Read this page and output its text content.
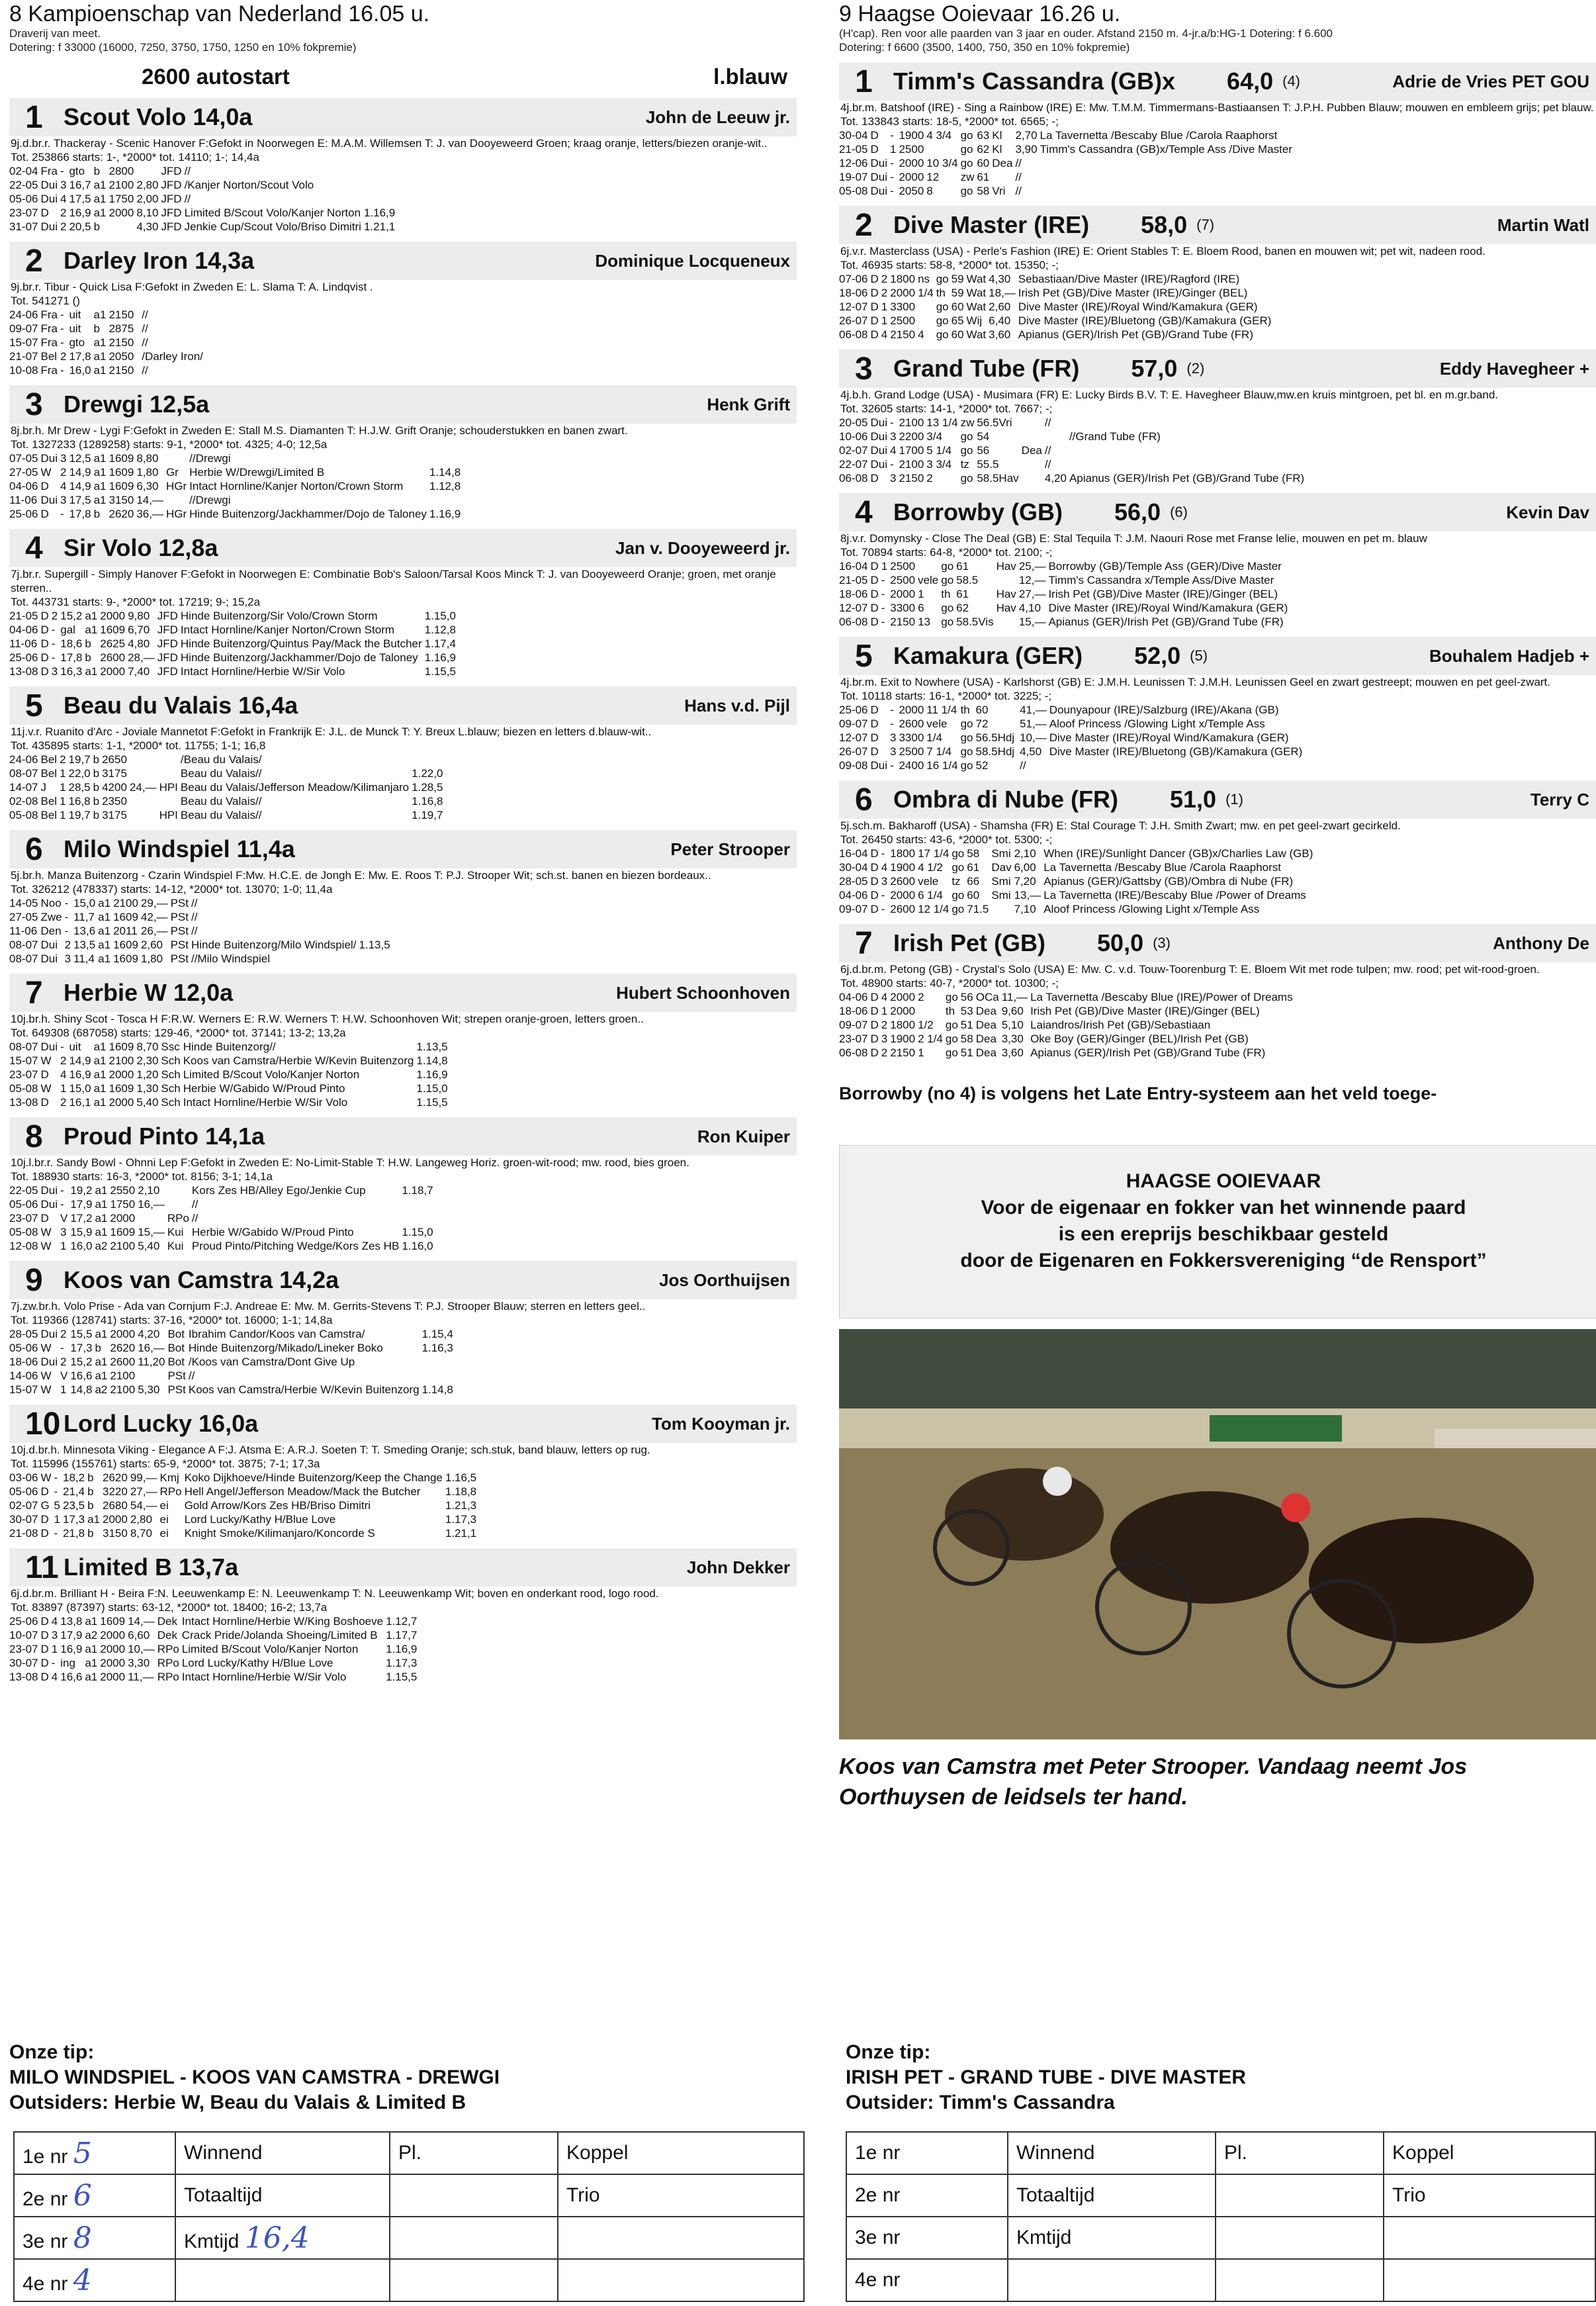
8 Kampioenschap van Nederland 16.05 u.
Draverij van meet.
Dotering: f 33000 (16000, 7250, 3750, 1750, 1250 en 10% fokpremie)
2600 autostart	l.blauw
1 Scout Volo 14,0a	John de Leeuw jr.
9j.d.br.r. Thackeray - Scenic Hanover F:Gefokt in Noorwegen E: M.A.M. Willemsen T: J. van Dooyeweerd Groen; kraag oranje, letters/biezen oranje-wit..
Tot. 253866 starts: 1-, *2000* tot. 14110; 1-; 14,4a
02-04	Fra	-	gto	b	2800		JFD	//	
22-05	Dui	3	16,7	a1	2100	2,80	JFD	/Kanjer Norton/Scout Volo	
05-06	Dui	4	17,5	a1	1750	2,00	JFD	//	
23-07	D	2	16,9	a1	2000	8,10	JFD	Limited B/Scout Volo/Kanjer Norton	1.16,9
31-07	Dui	2	20,5	b		4,30	JFD	Jenkie Cup/Scout Volo/Briso Dimitri	1.21,1
2 Darley Iron 14,3a	Dominique Locqueneux
9j.br.r. Tibur - Quick Lisa F:Gefokt in Zweden E: L. Slama T: A. Lindqvist .
Tot. 541271 ()
24-06	Fra	-	uit	a1	2150			//	
09-07	Fra	-	uit	b	2875			//	
15-07	Fra	-	gto	a1	2150			//	
21-07	Bel	2	17,8	a1	2050			/Darley Iron/	
10-08	Fra	-	16,0	a1	2150			//	
3 Drewgi 12,5a	Henk Grift
8j.br.h. Mr Drew - Lygi F:Gefokt in Zweden E: Stall M.S. Diamanten T: H.J.W. Grift Oranje; schouderstukken en banen zwart.
Tot. 1327233 (1289258) starts: 9-1, *2000* tot. 4325; 4-0; 12,5a
07-05	Dui	3	12,5	a1	1609	8,80		//Drewgi	
27-05	W	2	14,9	a1	1609	1,80	Gr	Herbie W/Drewgi/Limited B	1.14,8
04-06	D	4	14,9	a1	1609	6,30	HGr	Intact Hornline/Kanjer Norton/Crown Storm	1.12,8
11-06	Dui	3	17,5	a1	3150	14,—		//Drewgi	
25-06	D	-	17,8	b	2620	36,—	HGr	Hinde Buitenzorg/Jackhammer/Dojo de Taloney	1.16,9
4 Sir Volo 12,8a	Jan v. Dooyeweerd jr.
7j.br.r. Supergill - Simply Hanover F:Gefokt in Noorwegen E: Combinatie Bob's Saloon/Tarsal Koos Minck T: J. van Dooyeweerd Oranje; groen, met oranje sterren..
Tot. 443731 starts: 9-, *2000* tot. 17219; 9-; 15,2a
21-05	D	2	15,2	a1	2000	9,80	JFD	Hinde Buitenzorg/Sir Volo/Crown Storm	1.15,0
04-06	D	-	gal	a1	1609	6,70	JFD	Intact Hornline/Kanjer Norton/Crown Storm	1.12,8
11-06	D	-	18,6	b	2625	4,80	JFD	Hinde Buitenzorg/Quintus Pay/Mack the Butcher	1.17,4
25-06	D	-	17,8	b	2600	28,—	JFD	Hinde Buitenzorg/Jackhammer/Dojo de Taloney	1.16,9
13-08	D	3	16,3	a1	2000	7,40	JFD	Intact Hornline/Herbie W/Sir Volo	1.15,5
5 Beau du Valais 16,4a	Hans v.d. Pijl
11j.v.r. Ruanito d'Arc - Joviale Mannetot F:Gefokt in Frankrijk E: J.L. de Munck T: Y. Breux L.blauw; biezen en letters d.blauw-wit..
Tot. 435895 starts: 1-1, *2000* tot. 11755; 1-1; 16,8
24-06	Bel	2	19,7	b	2650			/Beau du Valais/	
08-07	Bel	1	22,0	b	3175			Beau du Valais//	1.22,0
14-07	J	1	28,5	b	4200	24,—	HPI	Beau du Valais/Jefferson Meadow/Kilimanjaro	1.28,5
02-08	Bel	1	16,8	b	2350			Beau du Valais//	1.16,8
05-08	Bel	1	19,7	b	3175		HPI	Beau du Valais//	1.19,7
6 Milo Windspiel 11,4a	Peter Strooper
5j.br.h. Manza Buitenzorg - Czarin Windspiel F:Mw. H.C.E. de Jongh E: Mw. E. Roos T: P.J. Strooper Wit; sch.st. banen en biezen bordeaux..
Tot. 326212 (478337) starts: 14-12, *2000* tot. 13070; 1-0; 11,4a
14-05	Noo	-	15,0	a1	2100	29,—	PSt	//	
27-05	Zwe	-	11,7	a1	1609	42,—	PSt	//	
11-06	Den	-	13,6	a1	2011	26,—	PSt	//	
08-07	Dui	2	13,5	a1	1609	2,60	PSt	Hinde Buitenzorg/Milo Windspiel/	1.13,5
08-07	Dui	3	11,4	a1	1609	1,80	PSt	//Milo Windspiel	
7 Herbie W 12,0a	Hubert Schoonhoven
10j.br.h. Shiny Scot - Tosca H F:R.W. Werners E: R.W. Werners T: H.W. Schoonhoven Wit; strepen oranje-groen, letters groen..
Tot. 649308 (687058) starts: 129-46, *2000* tot. 37141; 13-2; 13,2a
08-07	Dui	-	uit	a1	1609	8,70	Ssc	Hinde Buitenzorg//	1.13,5
15-07	W	2	14,9	a1	2100	2,30	Sch	Koos van Camstra/Herbie W/Kevin Buitenzorg	1.14,8
23-07	D	4	16,9	a1	2000	1,20	Sch	Limited B/Scout Volo/Kanjer Norton	1.16,9
05-08	W	1	15,0	a1	1609	1,30	Sch	Herbie W/Gabido W/Proud Pinto	1.15,0
13-08	D	2	16,1	a1	2000	5,40	Sch	Intact Hornline/Herbie W/Sir Volo	1.15,5
8 Proud Pinto 14,1a	Ron Kuiper
10j.l.br.r. Sandy Bowl - Ohnni Lep F:Gefokt in Zweden E: No-Limit-Stable T: H.W. Langeweg Horiz. groen-wit-rood; mw. rood, bies groen.
Tot. 188930 starts: 16-3, *2000* tot. 8156; 3-1; 14,1a
22-05	Dui	-	19,2	a1	2550	2,10		Kors Zes HB/Alley Ego/Jenkie Cup	1.18,7
05-06	Dui	-	17,9	a1	1750	16,—		//	
23-07	D	V	17,2	a1	2000		RPo	//	
05-08	W	3	15,9	a1	1609	15,—	Kui	Herbie W/Gabido W/Proud Pinto	1.15,0
12-08	W	1	16,0	a2	2100	5,40	Kui	Proud Pinto/Pitching Wedge/Kors Zes HB	1.16,0
9 Koos van Camstra 14,2a	Jos Oorthuijsen
7j.zw.br.h. Volo Prise - Ada van Cornjum F:J. Andreae E: Mw. M. Gerrits-Stevens T: P.J. Strooper Blauw; sterren en letters geel..
Tot. 119366 (128741) starts: 37-16, *2000* tot. 16000; 1-1; 14,8a
28-05	Dui	2	15,5	a1	2000	4,20	Bot	Ibrahim Candor/Koos van Camstra/	1.15,4
05-06	W	-	17,3	b	2620	16,—	Bot	Hinde Buitenzorg/Mikado/Lineker Boko	1.16,3
18-06	Dui	2	15,2	a1	2600	11,20	Bot	/Koos van Camstra/Dont Give Up	
14-06	W	V	16,6	a1	2100		PSt	//	
15-07	W	1	14,8	a2	2100	5,30	PSt	Koos van Camstra/Herbie W/Kevin Buitenzorg	1.14,8
10 Lord Lucky 16,0a	Tom Kooyman jr.
10j.d.br.h. Minnesota Viking - Elegance A F:J. Atsma E: A.R.J. Soeten T: T. Smeding Oranje; sch.stuk, band blauw, letters op rug.
Tot. 115996 (155761) starts: 65-9, *2000* tot. 3875; 7-1; 17,3a
03-06	W	-	18,2	b	2620	99,—	Kmj	Koko Dijkhoeve/Hinde Buitenzorg/Keep the Change	1.16,5
05-06	D	-	21,4	b	3220	27,—	RPo	Hell Angel/Jefferson Meadow/Mack the Butcher	1.18,8
02-07	G	5	23,5	b	2680	54,—	ei	Gold Arrow/Kors Zes HB/Briso Dimitri	1.21,3
30-07	D	1	17,3	a1	2000	2,80	ei	Lord Lucky/Kathy H/Blue Love	1.17,3
21-08	D	-	21,8	b	3150	8,70	ei	Knight Smoke/Kilimanjaro/Koncorde S	1.21,1
11 Limited B 13,7a	John Dekker
6j.d.br.m. Brilliant H - Beira F:N. Leeuwenkamp E: N. Leeuwenkamp T: N. Leeuwenkamp Wit; boven en onderkant rood, logo rood.
Tot. 83897 (87397) starts: 63-12, *2000* tot. 18400; 16-2; 13,7a
25-06	D	4	13,8	a1	1609	14,—	Dek	Intact Hornline/Herbie W/King Boshoeve	1.12,7
10-07	D	3	17,9	a2	2000	6,60	Dek	Crack Pride/Jolanda Shoeing/Limited B	1.17,7
23-07	D	1	16,9	a1	2000	10,—	RPo	Limited B/Scout Volo/Kanjer Norton	1.16,9
30-07	D	-	ing	a1	2000	3,30	RPo	Lord Lucky/Kathy H/Blue Love	1.17,3
13-08	D	4	16,6	a1	2000	11,—	RPo	Intact Hornline/Herbie W/Sir Volo	1.15,5
9 Haagse Ooievaar 16.26 u.
(H'cap). Ren voor alle paarden van 3 jaar en ouder. Afstand 2150 m. 4-jr.a/b:HG-1 Dotering: f 6.600
Dotering: f 6600 (3500, 1400, 750, 350 en 10% fokpremie)
1 Timm's Cassandra (GB)x 64,0 (4)	Adrie de Vries PET GOU
4j.br.m. Batshoof (IRE) - Sing a Rainbow (IRE) E: Mw. T.M.M. Timmermans-Bastiaansen T: J.P.H. Pubben Blauw; mouwen en embleem grijs; pet blauw.
Tot. 133843 starts: 18-5, *2000* tot. 6565; -;
30-04	D	-	1900	4 3/4	go	63	Kl	2,70	La Tavernetta /Bescaby Blue /Carola Raaphorst
21-05	D	1	2500		go	62	Kl	3,90	Timm's Cassandra (GB)x/Temple Ass /Dive Master
12-06	Dui	-	2000	10 3/4	go	60	Dea	//	
19-07	Dui	-	2000	12	zw	61		//	
05-08	Dui	-	2050	8	go	58	Vri	//	
2 Dive Master (IRE) 58,0 (7)	Martin Watl
6j.v.r. Masterclass (USA) - Perle's Fashion (IRE) E: Orient Stables T: E. Bloem Rood, banen en mouwen wit; pet wit, nadeen rood.
Tot. 46935 starts: 58-8, *2000* tot. 15350; -;
07-06	D	2	1800	ns	go	59	Wat	4,30	Sebastiaan/Dive Master (IRE)/Ragford (IRE)
18-06	D	2	2000	1/4	th	59	Wat	18,—	Irish Pet (GB)/Dive Master (IRE)/Ginger (BEL)
12-07	D	1	3300		go	60	Wat	2,60	Dive Master (IRE)/Royal Wind/Kamakura (GER)
26-07	D	1	2500		go	65	Wij	6,40	Dive Master (IRE)/Bluetong (GB)/Kamakura (GER)
06-08	D	4	2150	4	go	60	Wat	3,60	Apianus (GER)/Irish Pet (GB)/Grand Tube (FR)
3 Grand Tube (FR) 57,0 (2)	Eddy Havegheer +
4j.b.h. Grand Lodge (USA) - Musimara (FR) E: Lucky Birds B.V. T: E. Havegheer Blauw,mw.en kruis mintgroen, pet bl. en m.gr.band.
Tot. 32605 starts: 14-1, *2000* tot. 7667; -;
20-05	Dui	-	2100	13 1/4	zw	56.5Vri		//	
10-06	Dui	3	2200	3/4	go	54			//Grand Tube (FR)
02-07	Dui	4	1700	5 1/4	go	56	Dea	//	
22-07	Dui	-	2100	3 3/4	tz	55.5		//	
06-08	D	3	2150	2	go	58.5Hav		4,20	Apianus (GER)/Irish Pet (GB)/Grand Tube (FR)
4 Borrowby (GB) 56,0 (6)	Kevin Dav
8j.v.r. Domynsky - Close The Deal (GB) E: Stal Tequila T: J.M. Naouri Rose met Franse lelie, mouwen en pet m. blauw
Tot. 70894 starts: 64-8, *2000* tot. 2100; -;
16-04	D	1	2500		go	61	Hav	25,—	Borrowby (GB)/Temple Ass (GER)/Dive Master
21-05	D	-	2500	vele	go	58.5		12,—	Timm's Cassandra x/Temple Ass/Dive Master
18-06	D	-	2000	1	th	61	Hav	27,—	Irish Pet (GB)/Dive Master (IRE)/Ginger (BEL)
12-07	D	-	3300	6	go	62	Hav	4,10	Dive Master (IRE)/Royal Wind/Kamakura (GER)
06-08	D	-	2150	13	go	58.5Vis		15,—	Apianus (GER)/Irish Pet (GB)/Grand Tube (FR)
5 Kamakura (GER) 52,0 (5)	Bouhalem Hadjeb +
4j.br.m. Exit to Nowhere (USA) - Karlshorst (GB) E: J.M.H. Leunissen T: J.M.H. Leunissen Geel en zwart gestreept; mouwen en pet geel-zwart.
Tot. 10118 starts: 16-1, *2000* tot. 3225; -;
25-06	D	-	2000	11 1/4	th	60		41,—	Dounyapour (IRE)/Salzburg (IRE)/Akana (GB)
09-07	D	-	2600	vele	go	72		51,—	Aloof Princess /Glowing Light x/Temple Ass
12-07	D	3	3300	1/4	go	56.5Hdj		10,—	Dive Master (IRE)/Royal Wind/Kamakura (GER)
26-07	D	3	2500	7 1/4	go	58.5Hdj		4,50	Dive Master (IRE)/Bluetong (GB)/Kamakura (GER)
09-08	Dui	-	2400	16 1/4	go	52		//	
6 Ombra di Nube (FR) 51,0 (1)	Terry C
5j.sch.m. Bakharoff (USA) - Shamsha (FR) E: Stal Courage T: J.H. Smith Zwart; mw. en pet geel-zwart gecirkeld.
Tot. 26450 starts: 43-6, *2000* tot. 5300; -;
16-04	D	-	1800	17 1/4	go	58	Smi	2,10	When (IRE)/Sunlight Dancer (GB)x/Charlies Law (GB)
30-04	D	4	1900	4 1/2	go	61	Dav	6,00	La Tavernetta /Bescaby Blue /Carola Raaphorst
28-05	D	3	2600	vele	tz	66	Smi	7,20	Apianus (GER)/Gattsby (GB)/Ombra di Nube (FR)
04-06	D	-	2000	6 1/4	go	60	Smi	13,—	La Tavernetta (IRE)/Bescaby Blue /Power of Dreams
09-07	D	-	2600	12 1/4	go	71.5		7,10	Aloof Princess /Glowing Light x/Temple Ass
7 Irish Pet (GB) 50,0 (3)	Anthony De
6j.d.br.m. Petong (GB) - Crystal's Solo (USA) E: Mw. C. v.d. Touw-Toorenburg T: E. Bloem Wit met rode tulpen; mw. rood; pet wit-rood-groen.
Tot. 48900 starts: 40-7, *2000* tot. 10300; -;
04-06	D	4	2000	2	go	56	OCa	11,—	La Tavernetta /Bescaby Blue (IRE)/Power of Dreams
18-06	D	1	2000		th	53	Dea	9,60	Irish Pet (GB)/Dive Master (IRE)/Ginger (BEL)
09-07	D	2	1800	1/2	go	51	Dea	5,10	Laiandros/Irish Pet (GB)/Sebastiaan
23-07	D	3	1900	2 1/4	go	58	Dea	3,30	Oke Boy (GER)/Ginger (BEL)/Irish Pet (GB)
06-08	D	2	2150	1	go	51	Dea	3,60	Apianus (GER)/Irish Pet (GB)/Grand Tube (FR)
Borrowby (no 4) is volgens het Late Entry-systeem aan het veld toege-
HAAGSE OOIEVAAR
Voor de eigenaar en fokker van het winnende paard
is een ereprijs beschikbaar gesteld
door de Eigenaren en Fokkersvereniging “de Rensport”
Koos van Camstra met Peter Strooper. Vandaag neemt Jos Oorthuysen de leidsels ter hand.
Onze tip:
MILO WINDSPIEL - KOOS VAN CAMSTRA - DREWGI
Outsiders: Herbie W, Beau du Valais & Limited B
Onze tip:
IRISH PET - GRAND TUBE - DIVE MASTER
Outsider: Timm's Cassandra
1e nr 5	Winnend	Pl.	Koppel
2e nr 6	Totaaltijd		Trio
3e nr 8	Kmtijd 16,4		
4e nr 4			
1e nr	Winnend	Pl.	Koppel
2e nr	Totaaltijd		Trio
3e nr	Kmtijd		
4e nr			
